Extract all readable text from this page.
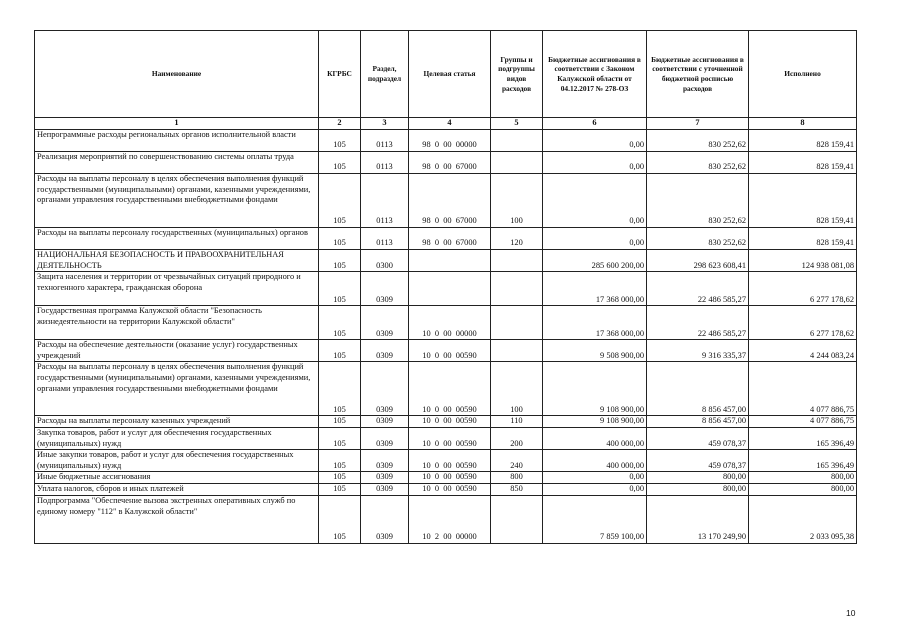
Наименование	КГРБС	Раздел, подраздел	Целевая статья	Группы и подгруппы видов расходов	Бюджетные ассигнования в соответствии с Законом Калужской области от 04.12.2017 № 278-ОЗ	Бюджетные ассигнования в соответствии с уточненной бюджетной росписью расходов	Исполнено
1	2	3	4	5	6	7	8

Непрограммные расходы региональных органов исполнительной власти	105	0113	98  0  00  00000		0,00	830 252,62	828 159,41

Реализация мероприятий по совершенствованию системы оплаты труда	105	0113	98  0  00  67000		0,00	830 252,62	828 159,41

Расходы на выплаты персоналу в целях обеспечения выполнения функций государственными (муниципальными) органами, казенными учреждениями, органами управления государственными внебюджетными фондами	105	0113	98  0  00  67000	100	0,00	830 252,62	828 159,41

Расходы на выплаты персоналу государственных (муниципальных) органов	105	0113	98  0  00  67000	120	0,00	830 252,62	828 159,41

НАЦИОНАЛЬНАЯ БЕЗОПАСНОСТЬ И ПРАВООХРАНИТЕЛЬНАЯ ДЕЯТЕЛЬНОСТЬ	105	0300			285 600 200,00	298 623 608,41	124 938 081,08

Защита населения и территории от чрезвычайных ситуаций природного и техногенного характера, гражданская оборона	105	0309			17 368 000,00	22 486 585,27	6 277 178,62

Государственная программа Калужской области "Безопасность жизнедеятельности на территории Калужской области"	105	0309	10  0  00  00000		17 368 000,00	22 486 585,27	6 277 178,62

Расходы на обеспечение деятельности (оказание услуг) государственных учреждений	105	0309	10  0  00  00590		9 508 900,00	9 316 335,37	4 244 083,24

Расходы на выплаты персоналу в целях обеспечения выполнения функций государственными (муниципальными) органами, казенными учреждениями, органами управления государственными внебюджетными фондами	105	0309	10  0  00  00590	100	9 108 900,00	8 856 457,00	4 077 886,75

Расходы на выплаты персоналу казенных учреждений	105	0309	10  0  00  00590	110	9 108 900,00	8 856 457,00	4 077 886,75

Закупка товаров, работ и услуг для обеспечения государственных (муниципальных) нужд	105	0309	10  0  00  00590	200	400 000,00	459 078,37	165 396,49

Иные закупки товаров, работ и услуг для обеспечения государственных (муниципальных) нужд	105	0309	10  0  00  00590	240	400 000,00	459 078,37	165 396,49

Иные бюджетные ассигнования	105	0309	10  0  00  00590	800	0,00	800,00	800,00

Уплата налогов, сборов и иных платежей	105	0309	10  0  00  00590	850	0,00	800,00	800,00

Подпрограмма "Обеспечение вызова экстренных оперативных служб по единому номеру "112" в Калужской области"	105	0309	10  2  00  00000		7 859 100,00	13 170 249,90	2 033 095,38
10
